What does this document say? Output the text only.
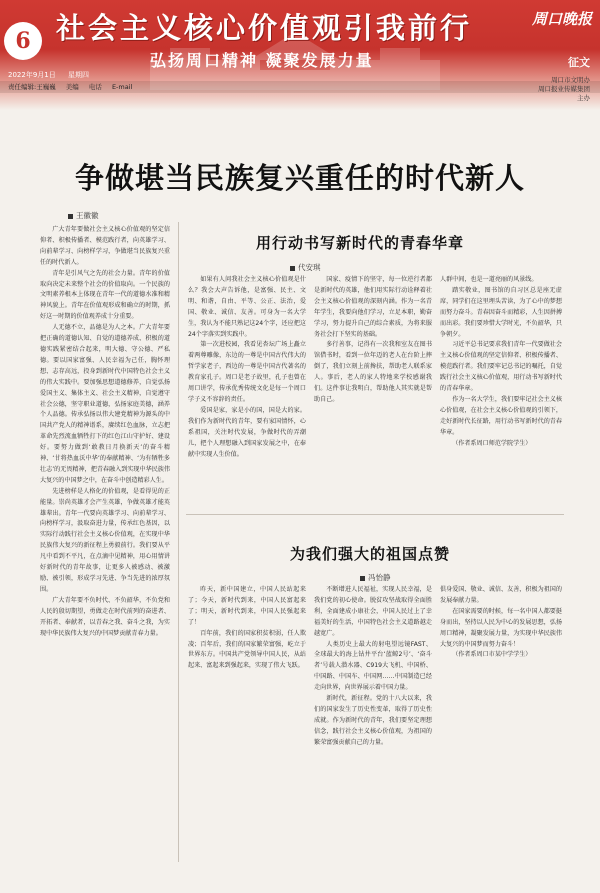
6 社会主义核心价值观引我前行	周口晚报
弘扬周口精神 凝聚发展力量	征文
2022年9月1日 星期四
责任编辑:王巍巍 美编 电话 E-mail
周口市文明办
周口报业传媒集团
主办
争做堪当民族复兴重任的时代新人
王徽徽

广大青年要做社会主义核心价值观的坚定信仰者、积极传播者、模范践行者，向英雄学习、向前辈学习、向榜样学习，争做堪当民族复兴重任的时代新人。

青年是引风气之先的社会力量。青年的价值取向决定未来整个社会的价值取向。一个民族的文明素养根本上体现在青年一代的道德水准和精神风貌上。青年在价值观形成和确立的时期，抓好这一时期的价值观养成十分重要。

人无德不立，品德是为人之本。广大青年要把正确的道德认知、自觉的道德养成、积极的道德实践紧密结合起来，明大德、守公德、严私德。要以国家富强、人民幸福为己任，胸怀理想、志存高远，投身到新时代中国特色社会主义的伟大实践中。要加强思想道德修养，自觉弘扬爱国主义、集体主义、社会主义精神，自觉遵守社会公德，坚守职业道德，弘扬家庭美德，涵养个人品德。传承弘扬以伟大建党精神为源头的中国共产党人的精神谱系，赓续红色血脉，立志把革命先烈流血牺牲打下的红色江山守护好、建设好。要努力做到‘敢教日月换新天’的奋斗精神、‘甘将热血沃中华’的奉献精神、‘为有牺牲多壮志’的无畏精神，把青春融入到实现中华民族伟大复兴的中国梦之中，在奋斗中创造精彩人生。

先进榜样是人格化的价值观，是看得见的正能量。崇尚英雄才会产生英雄，争做英雄才能英雄辈出。青年一代要向英雄学习、向前辈学习、向榜样学习，汲取奋进力量，传承红色基因，以实际行动践行社会主义核心价值观，在实现中华民族伟大复兴的新征程上勇毅前行。我们要从平凡中看到不平凡，在点滴中见精神，用心用情讲好新时代的青年故事，让更多人被感动、被激励、被引领，形成学习先进、争当先进的浓厚氛围。

广大青年要不负时代、不负韶华，不负党和人民的殷切期望，勇做走在时代前列的奋进者、开拓者、奉献者，以青春之我、奋斗之我，为实现中华民族伟大复兴的中国梦贡献青春力量。

用行动书写新时代的青春华章
代安琪

如果有人问我社会主义核心价值观是什么？我会大声告诉他，是富强、民主、文明、和谐，自由、平等、公正、法治，爱国、敬业、诚信、友善。可身为一名大学生，我认为不能只熟记这24个字，还应把这24个字落实到实践中。

第一次进校园，我看见杏坛广场上矗立着两尊雕像，东边的一尊是中国古代伟大的哲学家老子，西边的一尊是中国古代著名的教育家孔子。周口是老子故里，孔子也曾在周口讲学，传承优秀传统文化是每一个周口学子义不容辞的责任。

爱国是家，家是小的国，国是大的家。我们作为新时代的青年，要有家国情怀，心系祖国，关注时代发展，争做时代的弄潮儿，把个人理想融入到国家发展之中，在奉献中实现人生价值。

国家、疫情下的坚守，每一位逆行者都是新时代的英雄，他们用实际行动诠释着社会主义核心价值观的深刻内涵。作为一名青年学生，我要向他们学习，立足本职，勤奋学习，努力提升自己的综合素质，为将来服务社会打下坚实的基础。

多行善事，记得有一次我和室友在图书馆借书时，看到一位年迈的老人在台阶上摔倒了，我们立刻上前搀扶，帮助老人联系家人。事后，老人的家人特地来学校感谢我们。这件事让我明白，帮助他人其实就是帮助自己。

人群中间，也是一道亮丽的风景线。

踏实敬业，图书馆的自习区总是座无虚席，同学们在这里埋头苦读，为了心中的梦想而努力奋斗。青春因奋斗而精彩，人生因拼搏而出彩。我们要珍惜大学时光，不负韶华，只争朝夕。

习近平总书记要求我们青年一代要做社会主义核心价值观的坚定信仰者、积极传播者、模范践行者。我们要牢记总书记的嘱托，自觉践行社会主义核心价值观，用行动书写新时代的青春华章。

作为一名大学生，我们要牢记社会主义核心价值观，在社会主义核心价值观的引领下，走好新时代长征路，用行动书写新时代的青春华章。

（作者系周口师范学院学生）

为我们强大的祖国点赞
冯怡静

昨天，新中国建立，中国人民站起来了；今天，新时代到来，中国人民富起来了；明天，新时代到来，中国人民强起来了！

百年前，我们的国家积贫积弱，任人欺凌；百年后，我们的国家繁荣富强，屹立于世界东方。中国共产党领导中国人民，从站起来、富起来到强起来，实现了伟大飞跃。

不断增进人民福祉，实现人民幸福，是我们党的初心使命。脱贫攻坚战取得全面胜利，全面建成小康社会，中国人民过上了幸福美好的生活，中国特色社会主义道路越走越宽广。

人类历史上最大的射电望远镜FAST、全球最大的海上钻井平台‘蓝鲸2号’、‘奋斗者’号载人潜水器、C919大飞机、中国桥、中国路、中国车、中国网……中国制造已经走向世界，向世界展示着中国力量。

新时代，新征程。党的十八大以来，我们的国家发生了历史性变革，取得了历史性成就。作为新时代的青年，我们要坚定理想信念，践行社会主义核心价值观，为祖国的繁荣富强贡献自己的力量。

俱身爱国、敬业、诚信、友善，积极为祖国的发展奉献力量。

在国家需要的时候，每一名中国人都要挺身而出，坚持以人民为中心的发展思想，弘扬周口精神，凝聚发展力量，为实现中华民族伟大复兴的中国梦而努力奋斗！

（作者系周口市某中学学生）
